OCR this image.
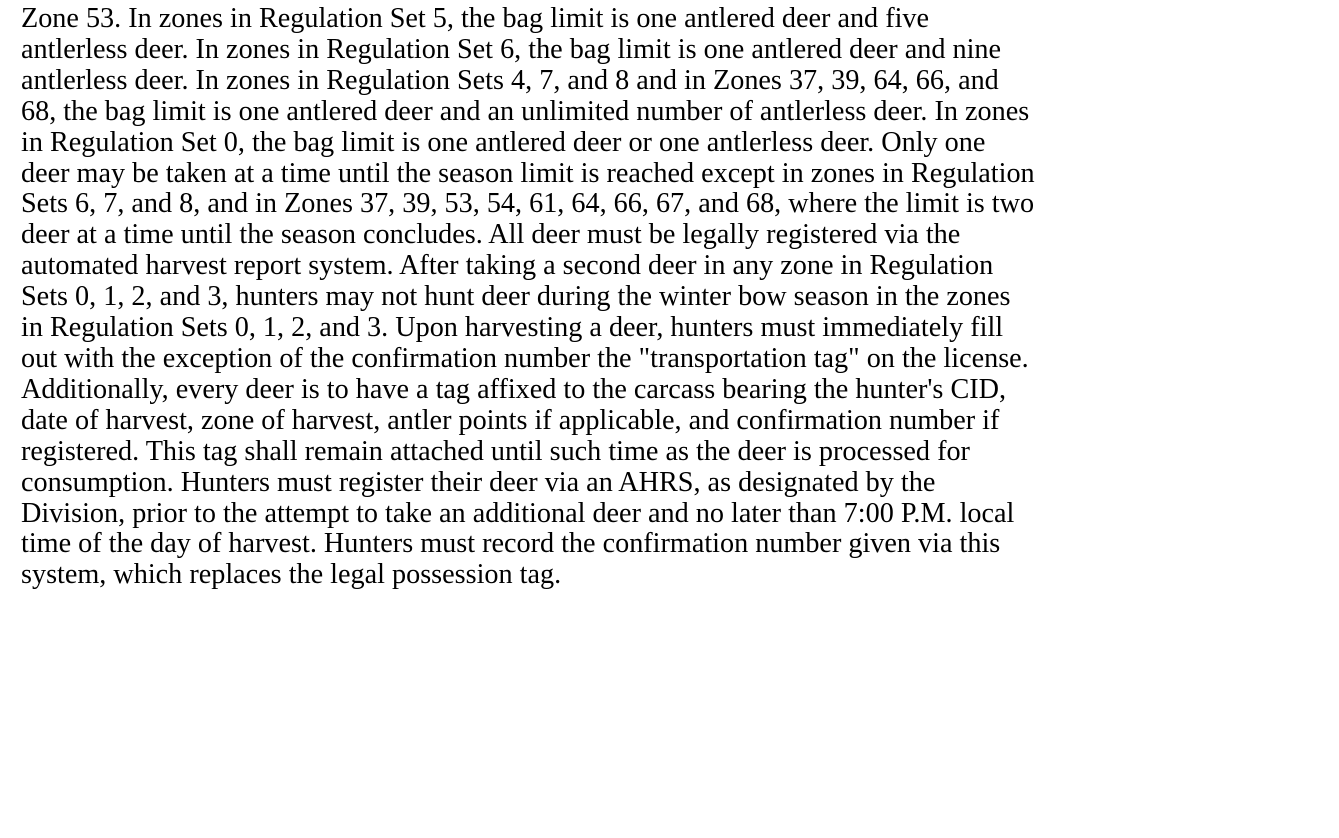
Zone 53. In zones in Regulation Set 5, the bag limit is one antlered deer and five
antlerless deer. In zones in Regulation Set 6, the bag limit is one antlered deer and nine
antlerless deer. In zones in Regulation Sets 4, 7, and 8 and in Zones 37, 39, 64, 66, and
68, the bag limit is one antlered deer and an unlimited number of antlerless deer. In zones
in Regulation Set 0, the bag limit is one antlered deer or one antlerless deer. Only one
deer may be taken at a time until the season limit is reached except in zones in Regulation
Sets 6, 7, and 8, and in Zones 37, 39, 53, 54, 61, 64, 66, 67, and 68, where the limit is two
deer at a time until the season concludes. All deer must be legally registered via the
automated harvest report system. After taking a second deer in any zone in Regulation
Sets 0, 1, 2, and 3, hunters may not hunt deer during the winter bow season in the zones
in Regulation Sets 0, 1, 2, and 3. Upon harvesting a deer, hunters must immediately fill
out with the exception of the confirmation number the "transportation tag" on the license.
Additionally, every deer is to have a tag affixed to the carcass bearing the hunter's CID,
date of harvest, zone of harvest, antler points if applicable, and confirmation number if
registered. This tag shall remain attached until such time as the deer is processed for
consumption. Hunters must register their deer via an AHRS, as designated by the
Division, prior to the attempt to take an additional deer and no later than 7:00 P.M. local
time of the day of harvest. Hunters must record the confirmation number given via this
system, which replaces the legal possession tag.
